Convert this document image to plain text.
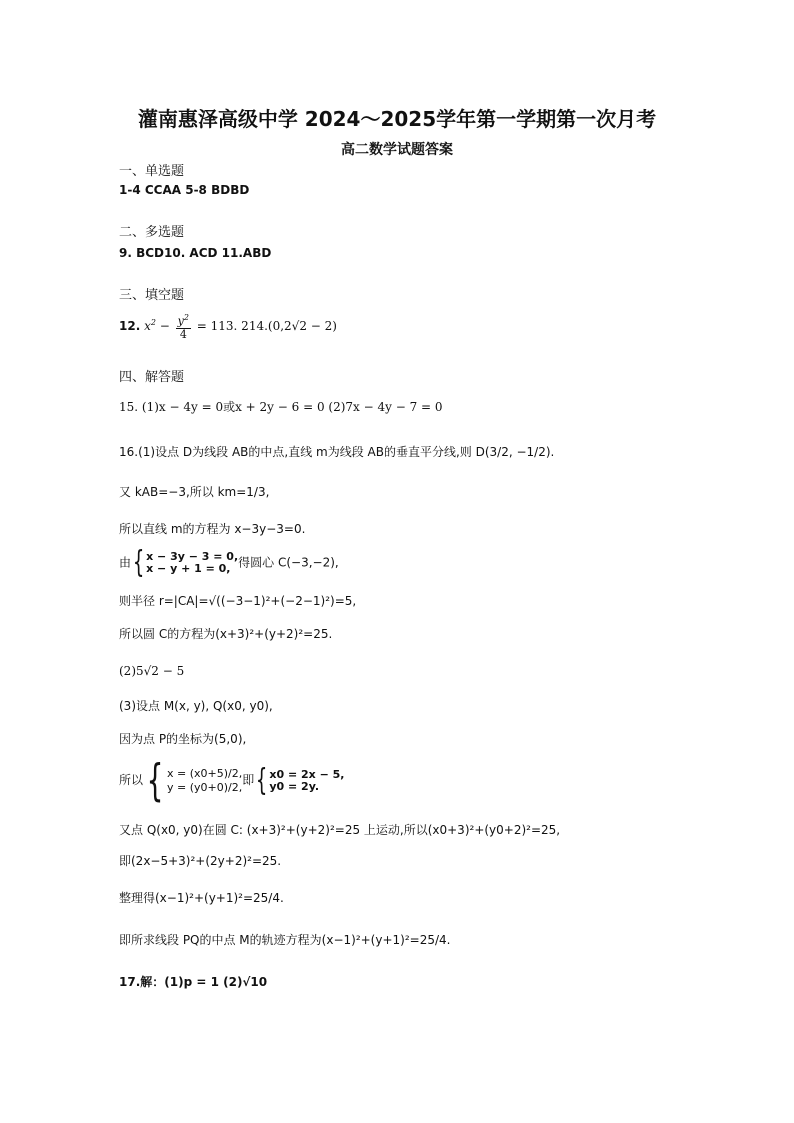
灌南惠泽高级中学 2024～2025学年第一学期第一次月考
高二数学试题答案
一、单选题
1-4 CCAA 5-8 BDBD
二、多选题
9. BCD10. ACD 11.ABD
三、填空题
12. $x^2 - \frac{y^2}{4} = 113$. 214.(0,2√2 − 2)
四、解答题
15. (1)x − 4y = 0或x + 2y − 6 = 0 (2)7x − 4y − 7 = 0
16.(1)设点 D为线段 AB的中点,直线 m为线段 AB的垂直平分线,则 D(3/2, −1/2).
又 kAB=−3,所以 km=1/3,
所以直线 m的方程为 x−3y−3=0.
由{ x − 3y − 3 = 0,
x − y + 1 = 0, 得圆心 C(−3,−2),
则半径 r=|CA|=√((−3−1)²+(−2−1)²)=5,
所以圆 C的方程为(x+3)²+(y+2)²=25.
(2)5√2 − 5
(3)设点 M(x, y), Q(x0, y0),
因为点 P的坐标为(5,0),
所以{ x = (x0+5)/2,
y = (y0+0)/2, 即{ x0 = 2x − 5,
y0 = 2y.
又点 Q(x0, y0)在圆 C: (x+3)²+(y+2)²=25 上运动,所以(x0+3)²+(y0+2)²=25,
即(2x−5+3)²+(2y+2)²=25.
整理得(x−1)²+(y+1)²=25/4.
即所求线段 PQ的中点 M的轨迹方程为(x−1)²+(y+1)²=25/4.
17.解：(1)p = 1 (2)√10
